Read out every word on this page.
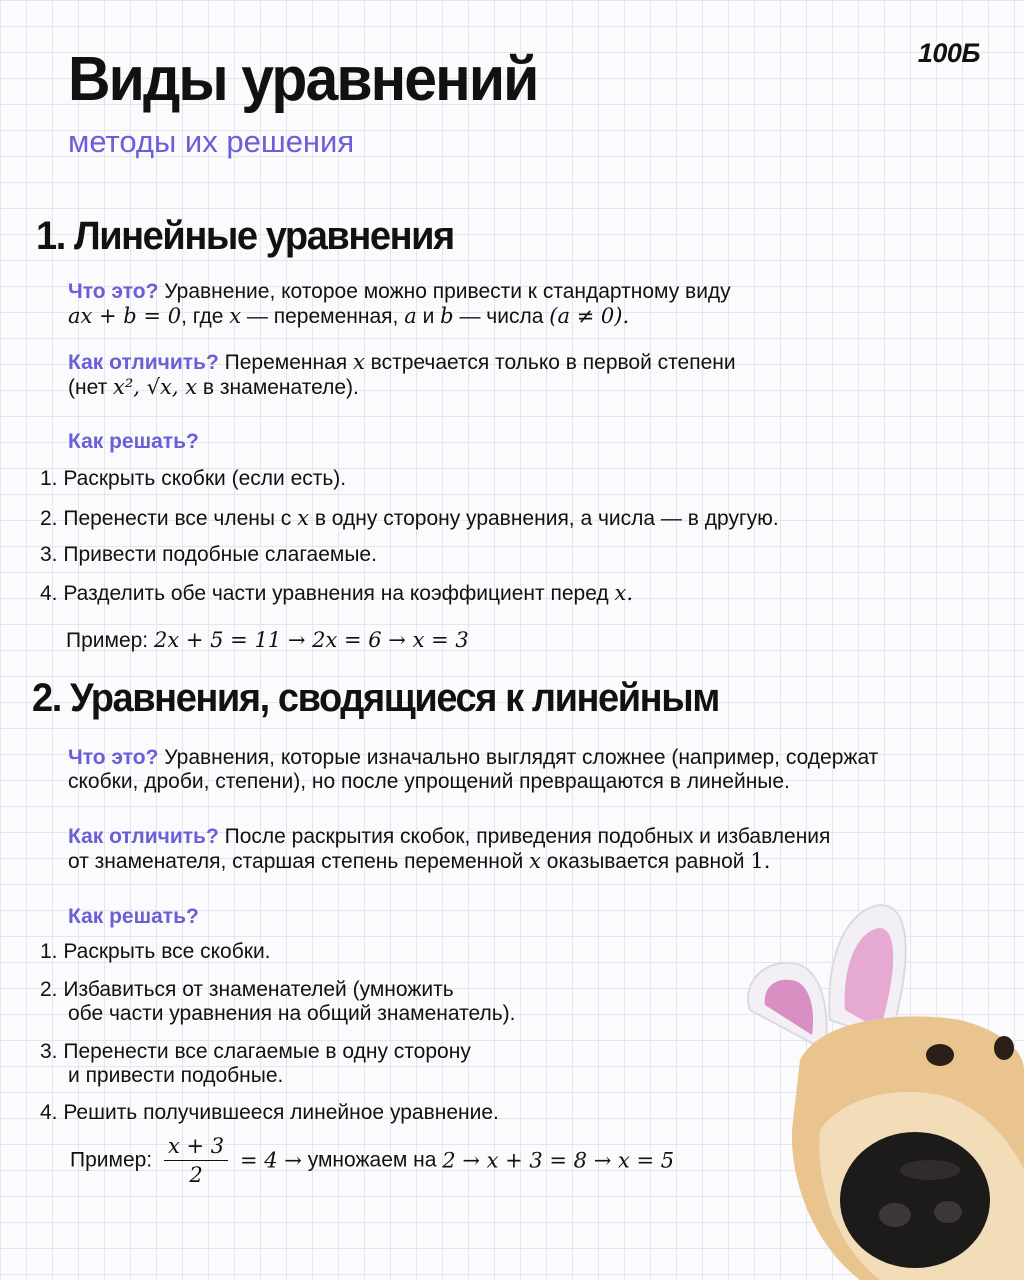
100Б
Виды уравнений
методы их решения
1. Линейные уравнения
Что это? Уравнение, которое можно привести к стандартному виду
ax + b = 0, где x — переменная, a и b — числа (a ≠ 0).
Как отличить? Переменная x встречается только в первой степени
(нет x², √x, x в знаменателе).
Как решать?
1. Раскрыть скобки (если есть).
2. Перенести все члены с x в одну сторону уравнения, а числа — в другую.
3. Привести подобные слагаемые.
4. Разделить обе части уравнения на коэффициент перед x.
Пример: 2x + 5 = 11 → 2x = 6 → x = 3
2. Уравнения, сводящиеся к линейным
Что это? Уравнения, которые изначально выглядят сложнее (например, содержат
скобки, дроби, степени), но после упрощений превращаются в линейные.
Как отличить? После раскрытия скобок, приведения подобных и избавления
от знаменателя, старшая степень переменной x оказывается равной 1.
Как решать?
1. Раскрыть все скобки.
2. Избавиться от знаменателей (умножить
обе части уравнения на общий знаменатель).
3. Перенести все слагаемые в одну сторону
и привести подобные.
4. Решить получившееся линейное уравнение.
Пример: $\frac{x + 3}{2} = 4$ → умножаем на 2 → x + 3 = 8 → x = 5
